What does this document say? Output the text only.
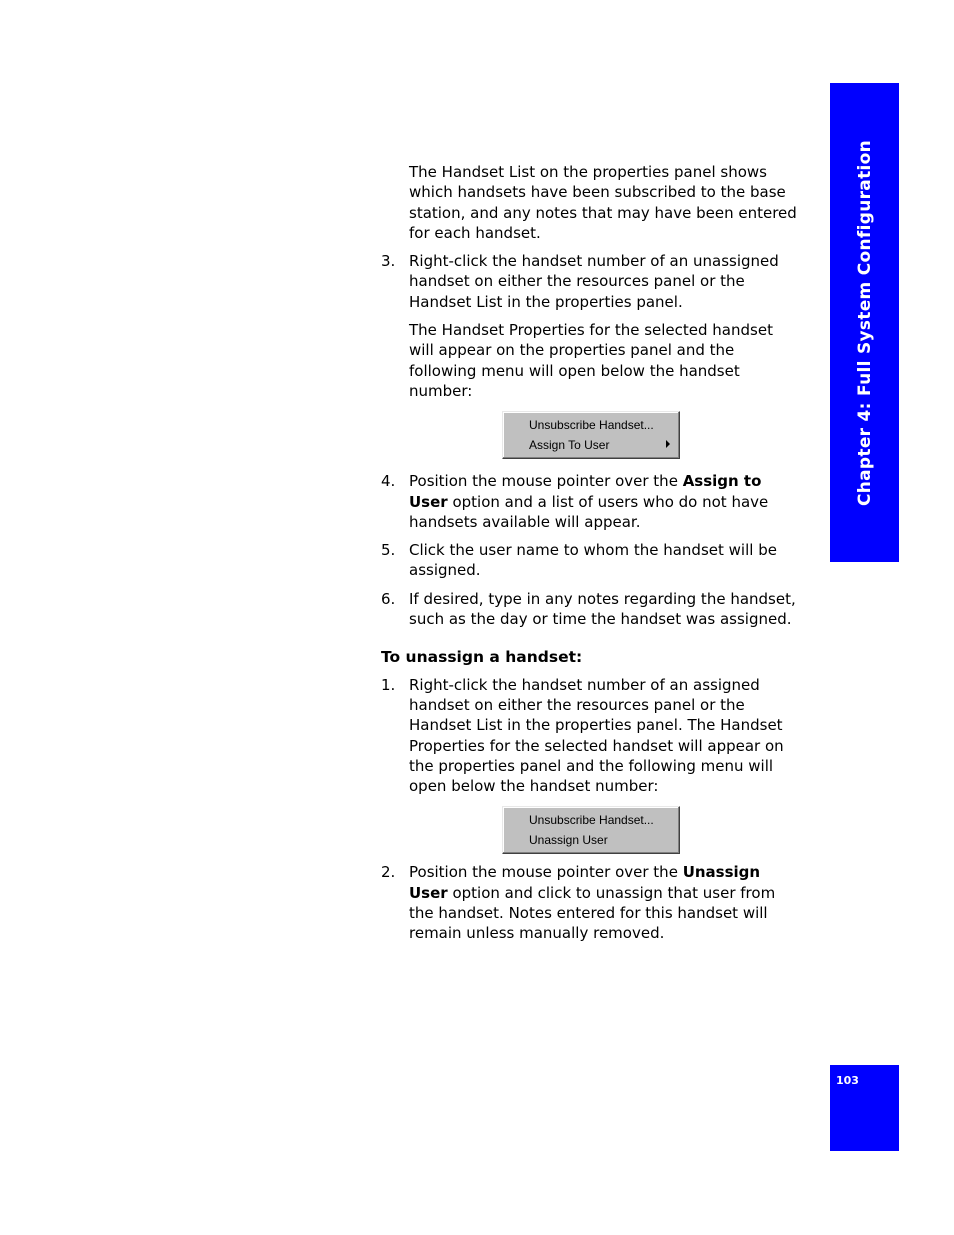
Chapter 4: Full System Configuration
103

The Handset List on the properties panel shows which handsets have been subscribed to the base station, and any notes that may have been entered for each handset.

3. Right-click the handset number of an unassigned handset on either the resources panel or the Handset List in the properties panel.

The Handset Properties for the selected handset will appear on the properties panel and the following menu will open below the handset number:

Unsubscribe Handset...
Assign To User
4. Position the mouse pointer over the Assign to User option and a list of users who do not have handsets available will appear.

5. Click the user name to whom the handset will be assigned.

6. If desired, type in any notes regarding the handset, such as the day or time the handset was assigned.

To unassign a handset:
1. Right-click the handset number of an assigned handset on either the resources panel or the Handset List in the properties panel. The Handset Properties for the selected handset will appear on the properties panel and the following menu will open below the handset number:

Unsubscribe Handset...
Unassign User
2. Position the mouse pointer over the Unassign User option and click to unassign that user from the handset. Notes entered for this handset will remain unless manually removed.
